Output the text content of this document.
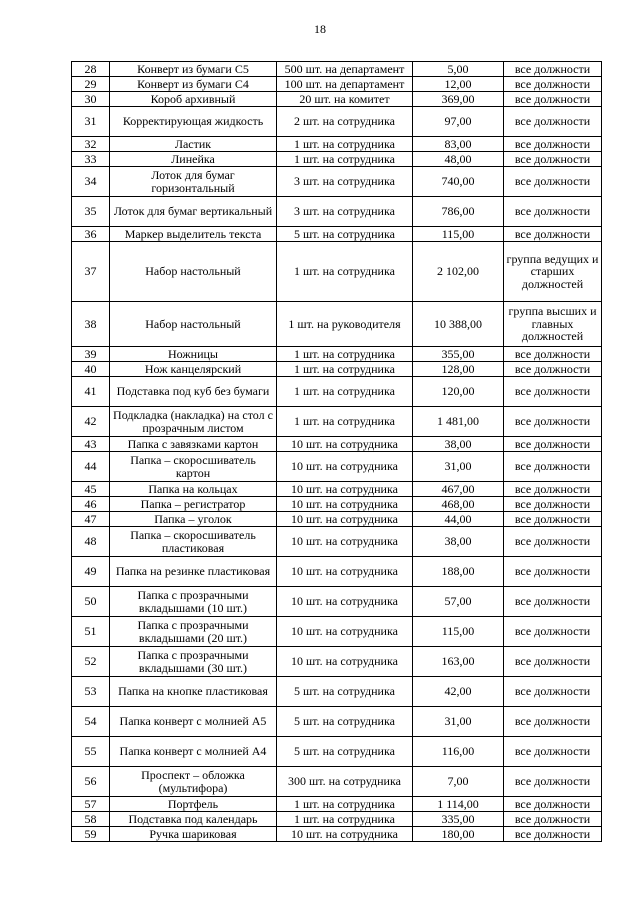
18
28	Конверт из бумаги C5	500 шт. на департамент	5,00	все должности
29	Конверт из бумаги C4	100 шт. на департамент	12,00	все должности
30	Короб архивный	20 шт. на комитет	369,00	все должности
31	Корректирующая жидкость	2 шт. на сотрудника	97,00	все должности
32	Ластик	1 шт. на сотрудника	83,00	все должности
33	Линейка	1 шт. на сотрудника	48,00	все должности
34	Лоток для бумаг горизонтальный	3 шт. на сотрудника	740,00	все должности
35	Лоток для бумаг вертикальный	3 шт. на сотрудника	786,00	все должности
36	Маркер выделитель текста	5 шт. на сотрудника	115,00	все должности
37	Набор настольный	1 шт. на сотрудника	2 102,00	группа ведущих и старших должностей
38	Набор настольный	1 шт. на руководителя	10 388,00	группа высших и главных должностей
39	Ножницы	1 шт. на сотрудника	355,00	все должности
40	Нож канцелярский	1 шт. на сотрудника	128,00	все должности
41	Подставка под куб без бумаги	1 шт. на сотрудника	120,00	все должности
42	Подкладка (накладка) на стол с прозрачным листом	1 шт. на сотрудника	1 481,00	все должности
43	Папка с завязками картон	10 шт. на сотрудника	38,00	все должности
44	Папка – скоросшиватель картон	10 шт. на сотрудника	31,00	все должности
45	Папка на кольцах	10 шт. на сотрудника	467,00	все должности
46	Папка – регистратор	10 шт. на сотрудника	468,00	все должности
47	Папка – уголок	10 шт. на сотрудника	44,00	все должности
48	Папка – скоросшиватель пластиковая	10 шт. на сотрудника	38,00	все должности
49	Папка на резинке пластиковая	10 шт. на сотрудника	188,00	все должности
50	Папка с прозрачными вкладышами (10 шт.)	10 шт. на сотрудника	57,00	все должности
51	Папка с прозрачными вкладышами (20 шт.)	10 шт. на сотрудника	115,00	все должности
52	Папка с прозрачными вкладышами (30 шт.)	10 шт. на сотрудника	163,00	все должности
53	Папка на кнопке пластиковая	5 шт. на сотрудника	42,00	все должности
54	Папка конверт с молнией А5	5 шт. на сотрудника	31,00	все должности
55	Папка конверт с молнией А4	5 шт. на сотрудника	116,00	все должности
56	Проспект – обложка (мультифора)	300 шт. на сотрудника	7,00	все должности
57	Портфель	1 шт. на сотрудника	1 114,00	все должности
58	Подставка под календарь	1 шт. на сотрудника	335,00	все должности
59	Ручка шариковая	10 шт. на сотрудника	180,00	все должности
